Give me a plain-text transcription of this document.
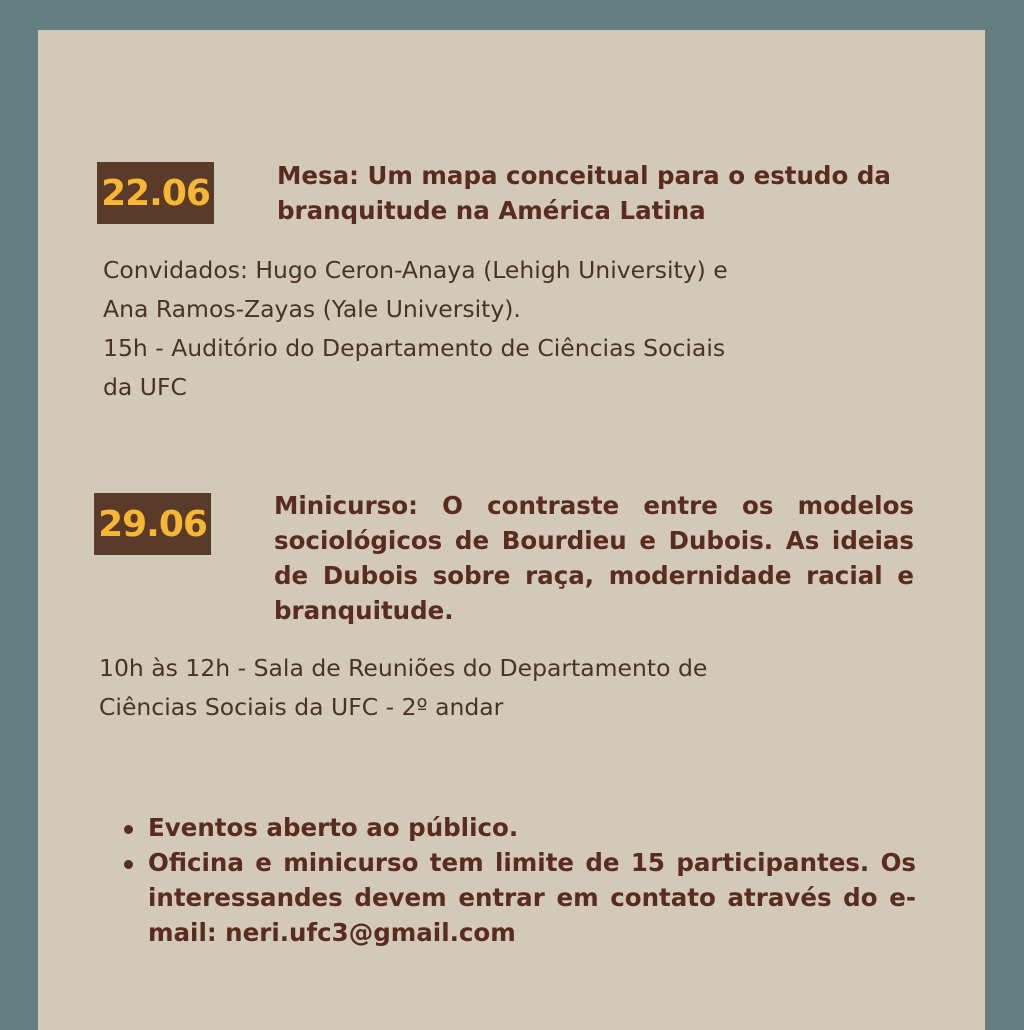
22.06	Mesa: Um mapa conceitual para o estudo da branquitude na América Latina
Convidados: Hugo Ceron-Anaya (Lehigh University) e
Ana Ramos-Zayas (Yale University).
15h - Auditório do Departamento de Ciências Sociais
da UFC
29.06	Minicurso: O contraste entre os modelos sociológicos de Bourdieu e Dubois. As ideias de Dubois sobre raça, modernidade racial e branquitude.
10h às 12h - Sala de Reuniões do Departamento de
Ciências Sociais da UFC - 2º andar
Eventos aberto ao público.
Oficina e minicurso tem limite de 15 participantes. Os interessandes devem entrar em contato através do e-mail: neri.ufc3@gmail.com
